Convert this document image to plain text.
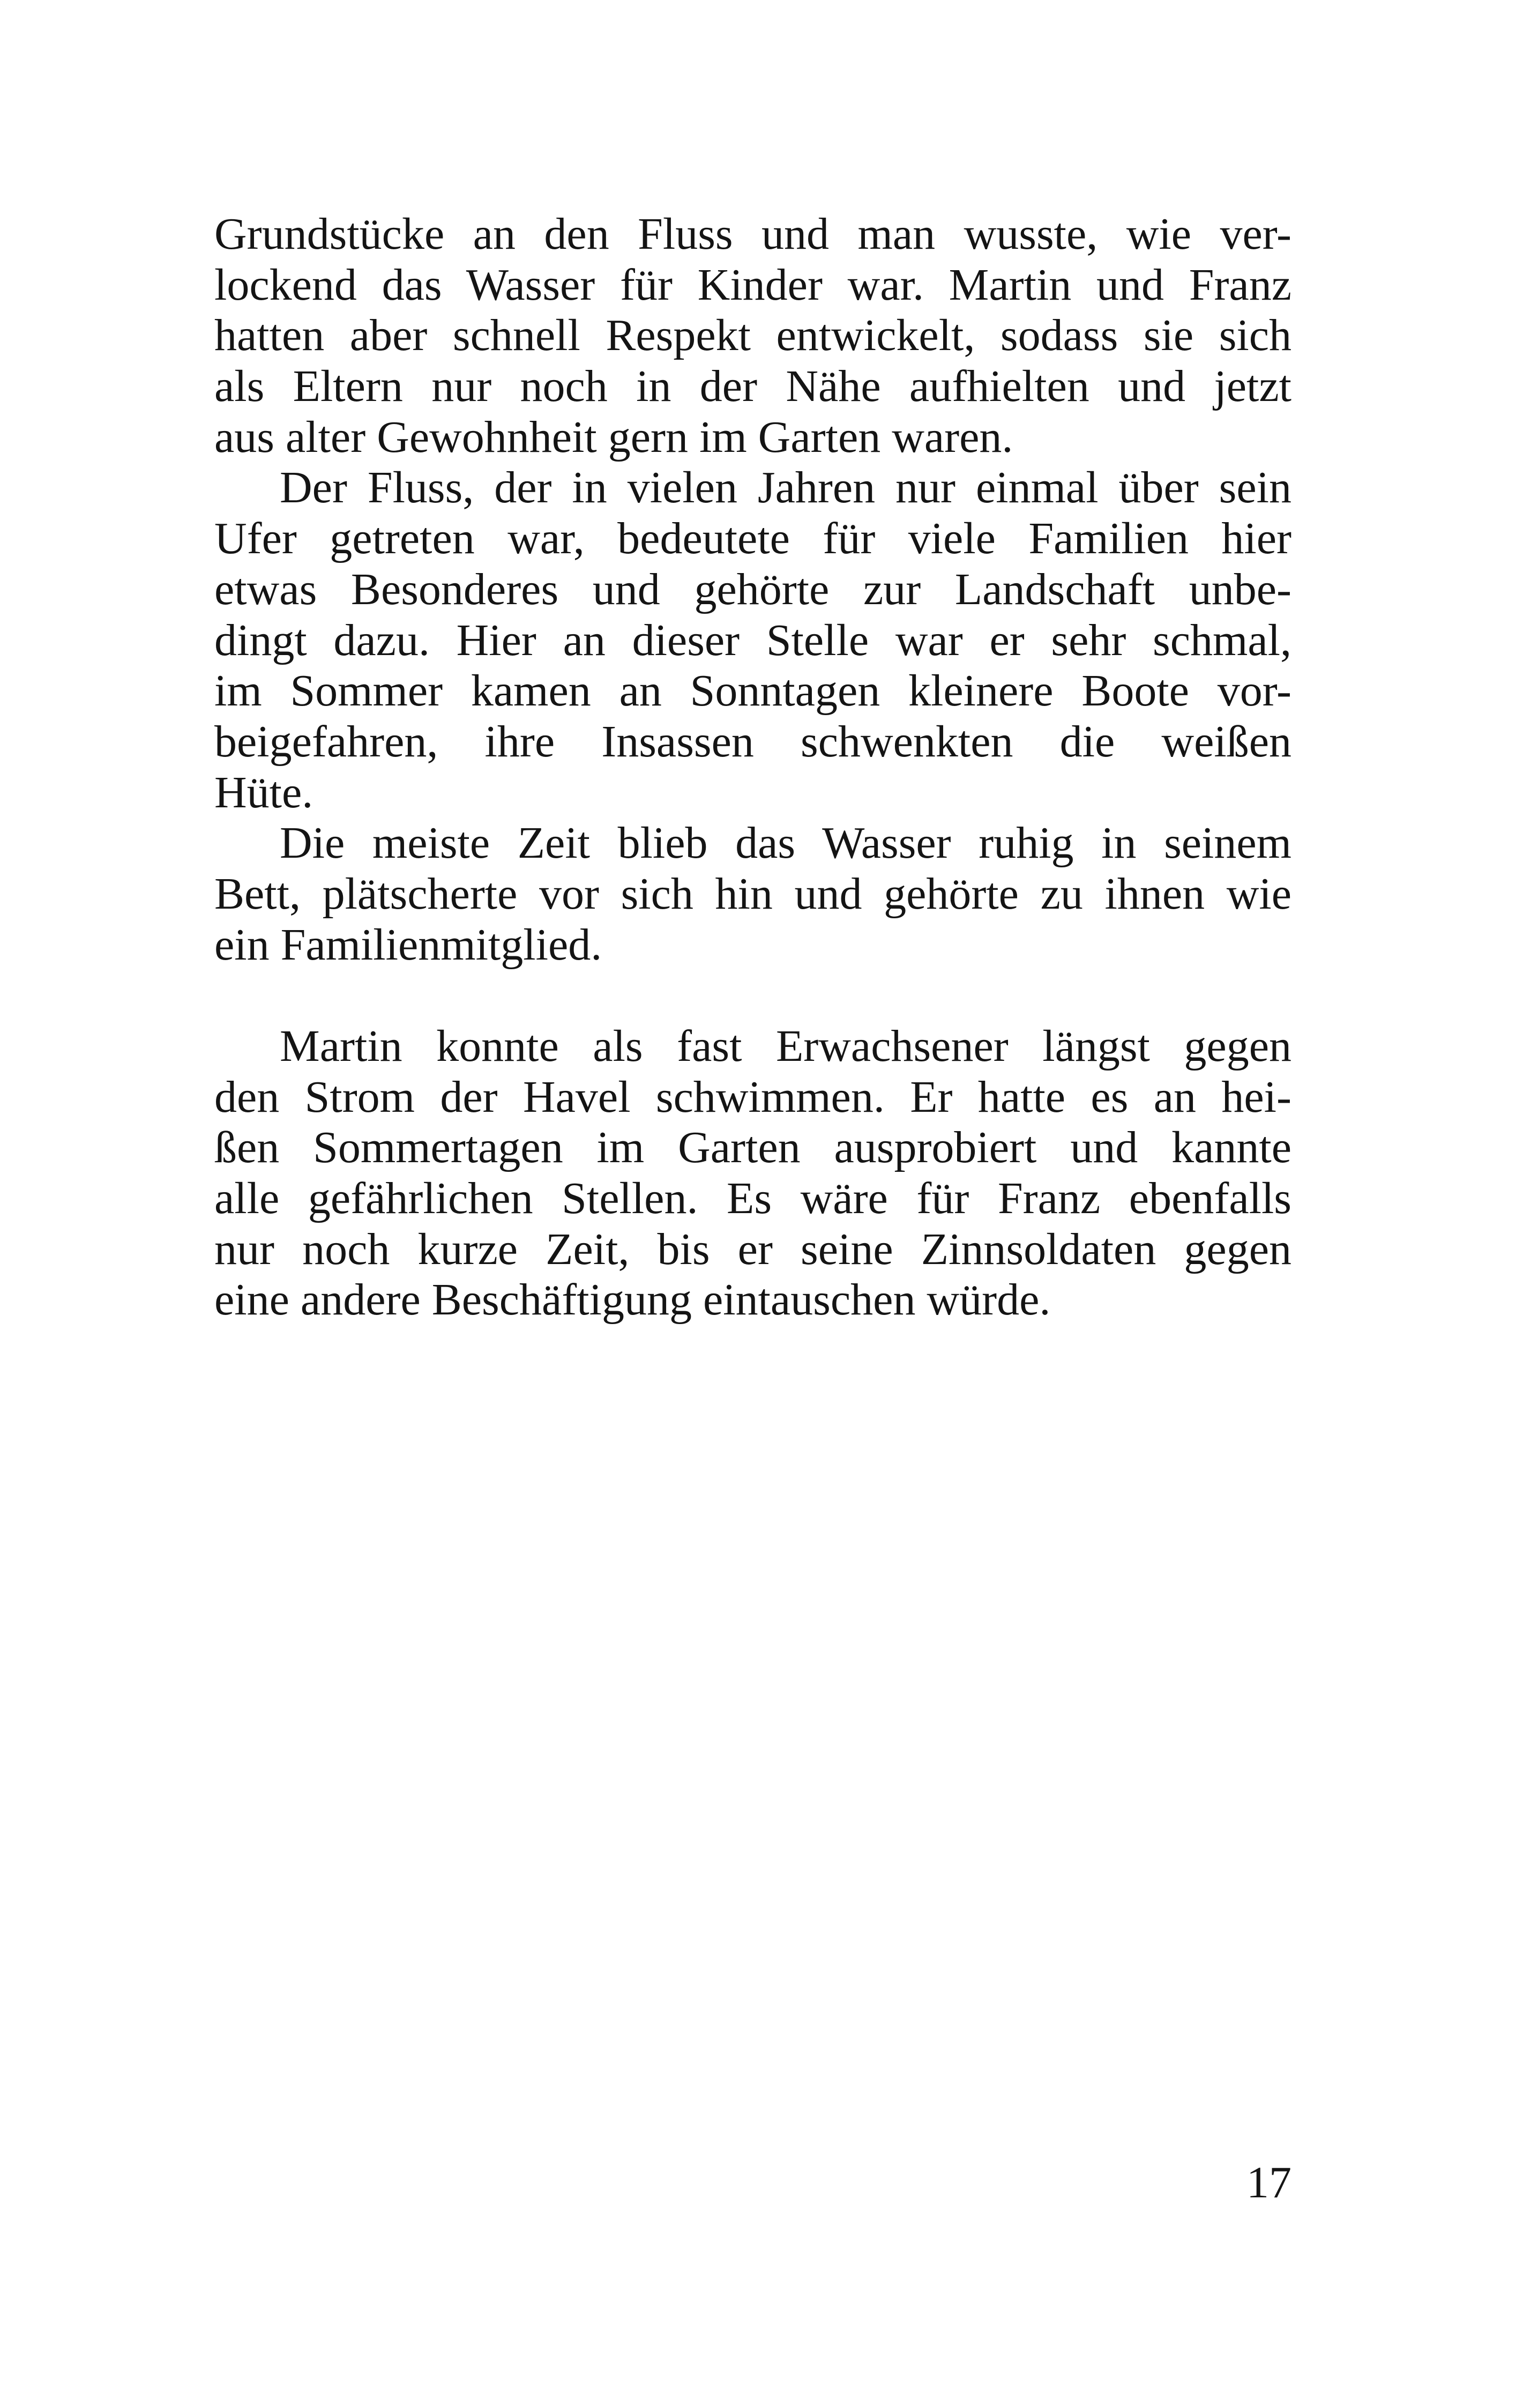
Grundstücke an den Fluss und man wusste, wie ver-
lockend das Wasser für Kinder war. Martin und Franz
hatten aber schnell Respekt entwickelt, sodass sie sich
als Eltern nur noch in der Nähe aufhielten und jetzt
aus alter Gewohnheit gern im Garten waren.
Der Fluss, der in vielen Jahren nur einmal über sein
Ufer getreten war, bedeutete für viele Familien hier
etwas Besonderes und gehörte zur Landschaft unbe-
dingt dazu. Hier an dieser Stelle war er sehr schmal,
im Sommer kamen an Sonntagen kleinere Boote vor-
beigefahren, ihre Insassen schwenkten die weißen
Hüte.
Die meiste Zeit blieb das Wasser ruhig in seinem
Bett, plätscherte vor sich hin und gehörte zu ihnen wie
ein Familienmitglied.
Martin konnte als fast Erwachsener längst gegen
den Strom der Havel schwimmen. Er hatte es an hei-
ßen Sommertagen im Garten ausprobiert und kannte
alle gefährlichen Stellen. Es wäre für Franz ebenfalls
nur noch kurze Zeit, bis er seine Zinnsoldaten gegen
eine andere Beschäftigung eintauschen würde.
17
